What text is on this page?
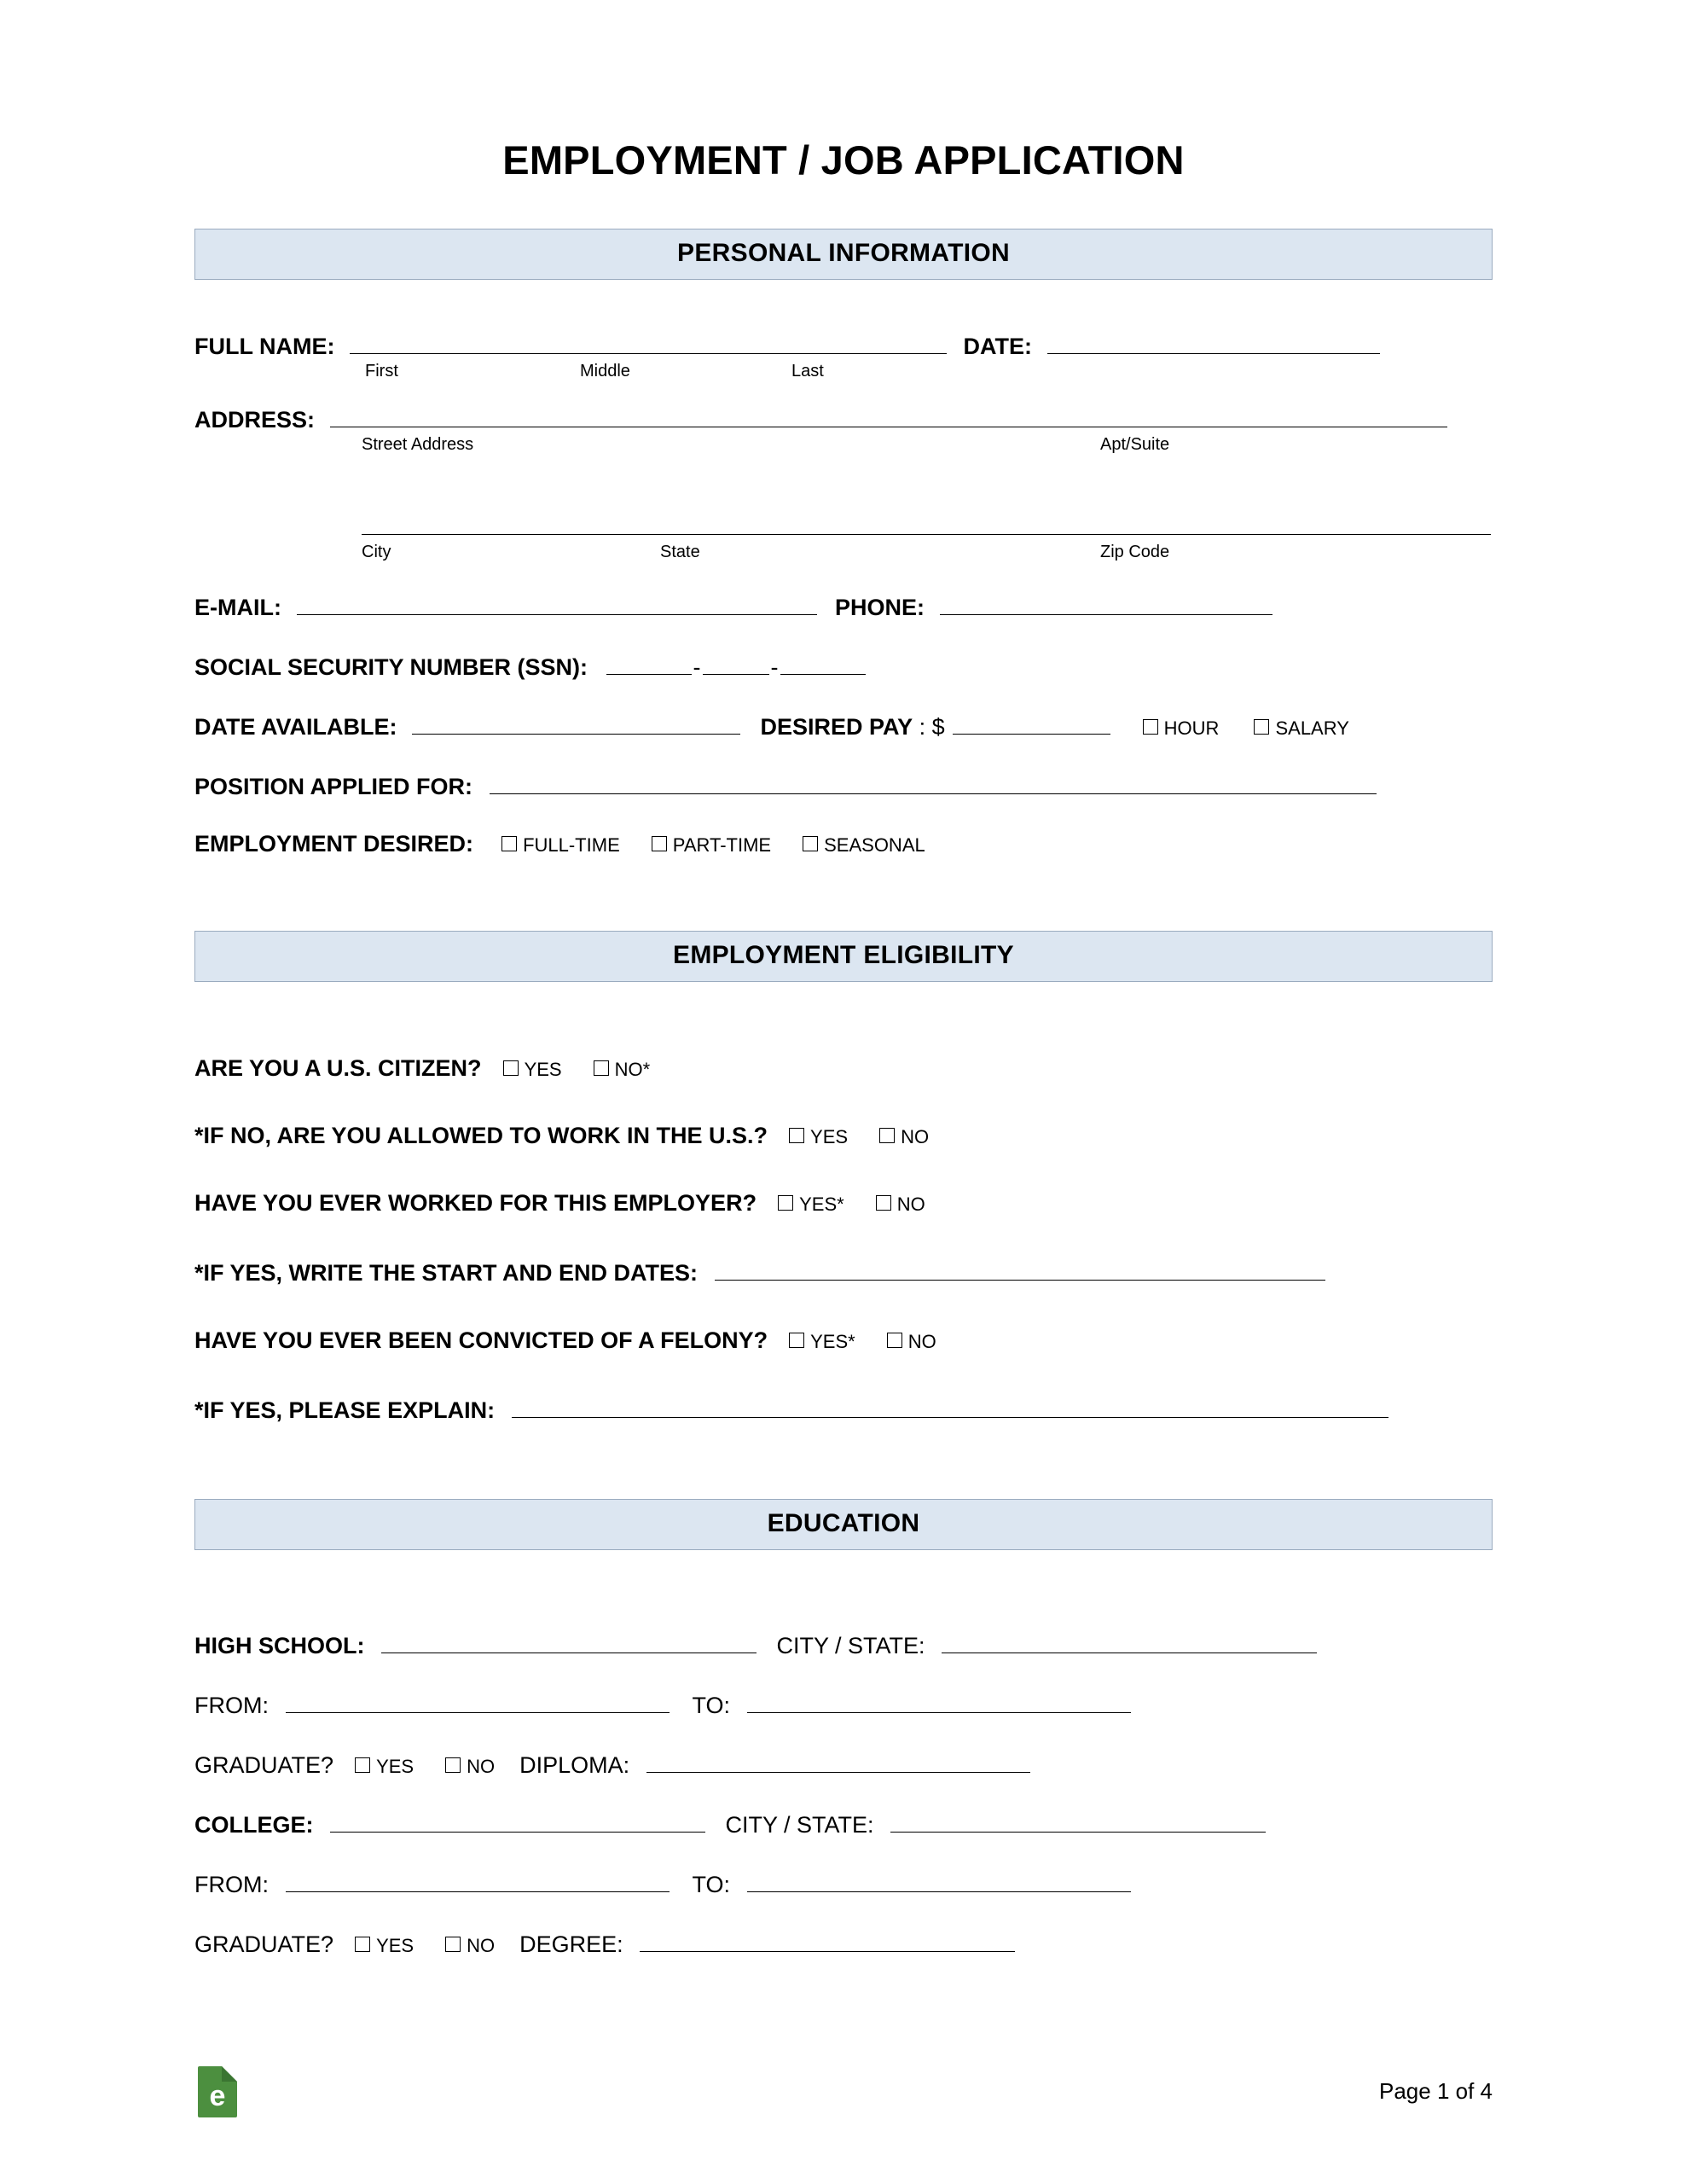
EMPLOYMENT / JOB APPLICATION
PERSONAL INFORMATION
FULL NAME:	DATE:
First	Middle	Last
ADDRESS:
Street Address	Apt/Suite
City	State	Zip Code
E-MAIL:	PHONE:
SOCIAL SECURITY NUMBER (SSN):	-	-
DATE AVAILABLE:	DESIRED PAY : $	HOUR	SALARY
POSITION APPLIED FOR:
EMPLOYMENT DESIRED:	FULL-TIME	PART-TIME	SEASONAL
EMPLOYMENT ELIGIBILITY
ARE YOU A U.S. CITIZEN? YES	NO*
*IF NO, ARE YOU ALLOWED TO WORK IN THE U.S.? YES	NO
HAVE YOU EVER WORKED FOR THIS EMPLOYER? YES*	NO
*IF YES, WRITE THE START AND END DATES:
HAVE YOU EVER BEEN CONVICTED OF A FELONY? YES*	NO
*IF YES, PLEASE EXPLAIN:
EDUCATION
HIGH SCHOOL:	CITY / STATE:
FROM:	TO:
GRADUATE? YES	NO DIPLOMA:
COLLEGE:	CITY / STATE:
FROM:	TO:
GRADUATE? YES	NO DEGREE:
e	Page 1 of 4
